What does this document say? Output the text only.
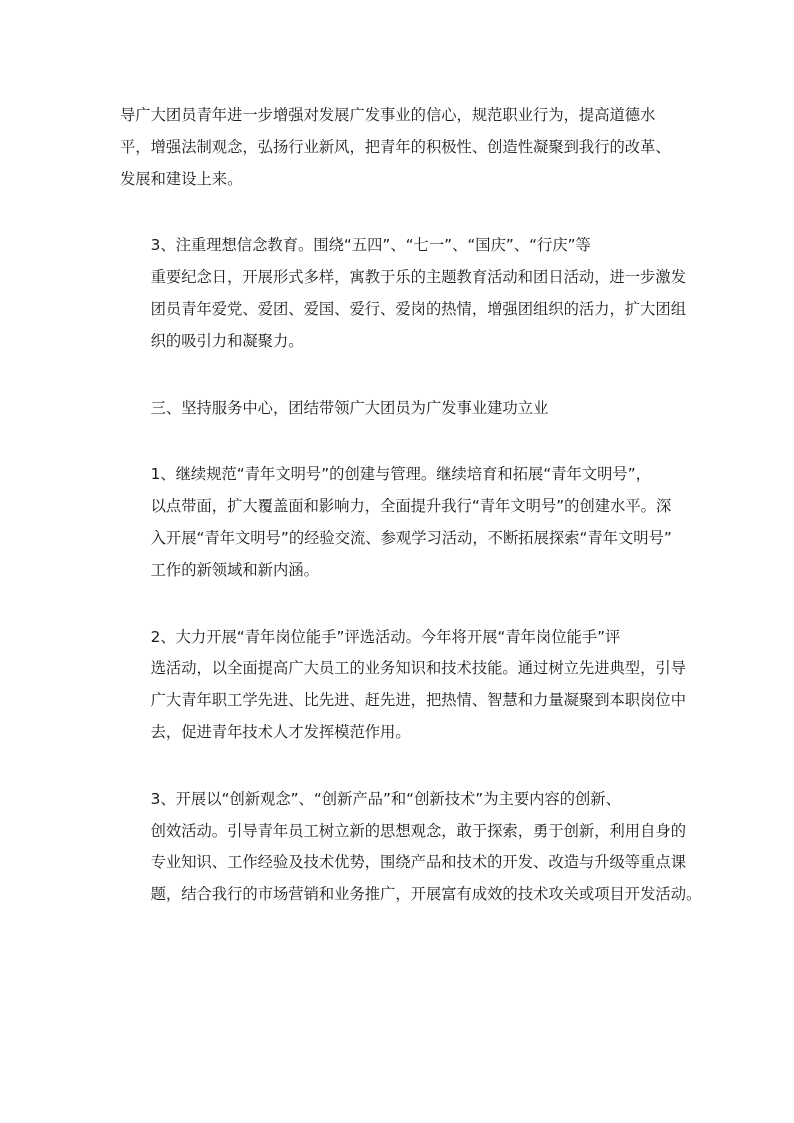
导广大团员青年进一步增强对发展广发事业的信心，规范职业行为，提高道德水
平，增强法制观念，弘扬行业新风，把青年的积极性、创造性凝聚到我行的改革、
发展和建设上来。

3、注重理想信念教育。围绕“五四”、“七一”、“国庆”、“行庆”等
重要纪念日，开展形式多样，寓教于乐的主题教育活动和团日活动，进一步激发
团员青年爱党、爱团、爱国、爱行、爱岗的热情，增强团组织的活力，扩大团组
织的吸引力和凝聚力。

三、坚持服务中心，团结带领广大团员为广发事业建功立业

1、继续规范“青年文明号”的创建与管理。继续培育和拓展“青年文明号”，
以点带面，扩大覆盖面和影响力，全面提升我行“青年文明号”的创建水平。深
入开展“青年文明号”的经验交流、参观学习活动，不断拓展探索“青年文明号”
工作的新领域和新内涵。

2、大力开展“青年岗位能手”评选活动。今年将开展“青年岗位能手”评
选活动，以全面提高广大员工的业务知识和技术技能。通过树立先进典型，引导
广大青年职工学先进、比先进、赶先进，把热情、智慧和力量凝聚到本职岗位中
去，促进青年技术人才发挥模范作用。

3、开展以“创新观念”、“创新产品”和“创新技术”为主要内容的创新、
创效活动。引导青年员工树立新的思想观念，敢于探索，勇于创新，利用自身的
专业知识、工作经验及技术优势，围绕产品和技术的开发、改造与升级等重点课
题，结合我行的市场营销和业务推广，开展富有成效的技术攻关或项目开发活动。
